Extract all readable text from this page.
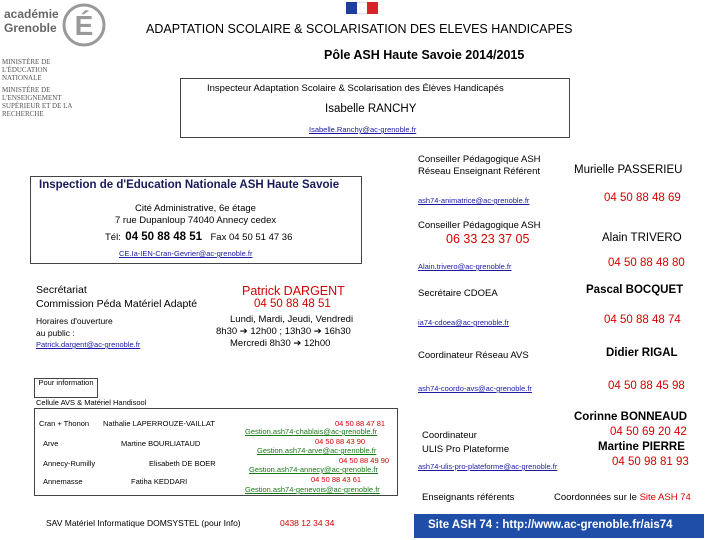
académie
Grenoble É
MINISTÈRE DE L'ÉDUCATION NATIONALE
MINISTÈRE DE L'ENSEIGNEMENT SUPÉRIEUR ET DE LA RECHERCHE
ADAPTATION SCOLAIRE & SCOLARISATION DES ELEVES HANDICAPES
Pôle ASH Haute Savoie 2014/2015
Inspecteur Adaptation Scolaire & Scolarisation des Élèves Handicapés
Isabelle RANCHY
Isabelle.Ranchy@ac-grenoble.fr
Inspection de d'Education Nationale ASH Haute Savoie
Cité Administrative, 6e étage
7 rue Dupanloup 74040 Annecy cedex
Tél: 04 50 88 48 51 Fax 04 50 51 47 36
CE.Ia-IEN-Cran-Gevrier@ac-grenoble.fr
Secrétariat
Commission Péda Matériel Adapté
Patrick DARGENT
04 50 88 48 51
Horaires d'ouverture
au public :
Lundi, Mardi, Jeudi, Vendredi
8h30 ➔ 12h00 ; 13h30 ➔ 16h30
Mercredi 8h30 ➔ 12h00
Patrick.dargent@ac-grenoble.fr
Pour information
Cellule AVS & Matériel Handisool
Cran + Thonon Nathalie LAPERROUZE-VAILLAT	04 50 88 47 81
Gestion.ash74-chablais@ac-grenoble.fr
Arve	Martine BOURLIATAUD	04 50 88 43 90
Gestion.ash74-arve@ac-grenoble.fr
Annecy-Rumilly	Elisabeth DE BOER	04 50 88 49 90
Gestion.ash74-annecy@ac-grenoble.fr
Annemasse	Fatiha KEDDARI	04 50 88 43 61
Gestion.ash74-genevois@ac-grenoble.fr
SAV Matériel Informatique DOMSYSTEL (pour Info)	0438 12 34 34
Conseiller Pédagogique ASH
Réseau Enseignant Référent	Murielle PASSERIEU
ash74-animatrice@ac-grenoble.fr	04 50 88 48 69
Conseiller Pédagogique ASH
06 33 23 37 05	Alain TRIVERO
Alain.trivero@ac-grenoble.fr	04 50 88 48 80
Secrétaire CDOEA	Pascal BOCQUET
ia74-cdoea@ac-grenoble.fr	04 50 88 48 74
Coordinateur Réseau AVS	Didier RIGAL
ash74-coordo-avs@ac-grenoble.fr	04 50 88 45 98
Coordinateur
ULIS Pro Plateforme
Corinne BONNEAUD
04 50 69 20 42
Martine PIERRE
04 50 98 81 93
ash74-ulis-pro-plateforme@ac-grenoble.fr
Enseignants référents	Coordonnées sur le Site ASH 74
Site ASH 74 : http://www.ac-grenoble.fr/ais74
